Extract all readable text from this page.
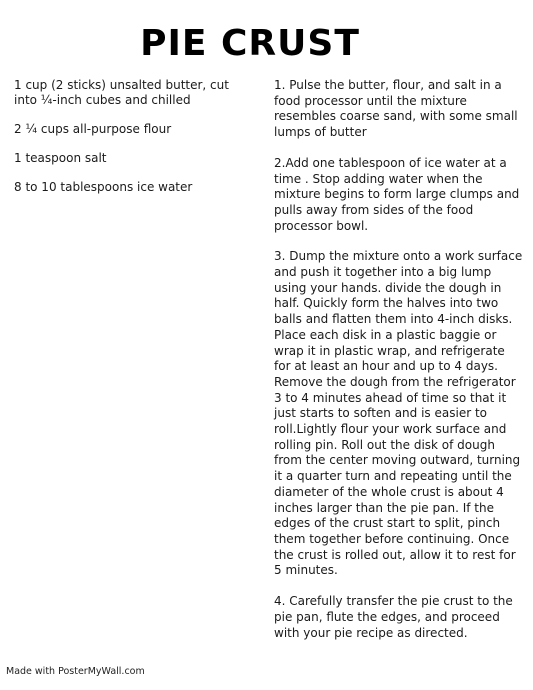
PIE CRUST
1 cup (2 sticks) unsalted butter, cut into ¼-inch cubes and chilled
2 ¼ cups all-purpose flour
1 teaspoon salt
8 to 10 tablespoons ice water
1. Pulse the butter, flour, and salt in a food processor until the mixture resembles coarse sand, with some small lumps of butter
2.Add one tablespoon of ice water at a time . Stop adding water when the mixture begins to form large clumps and pulls away from sides of the food processor bowl.
3. Dump the mixture onto a work surface and push it together into a big lump using your hands. divide the dough in half. Quickly form the halves into two balls and flatten them into 4-inch disks. Place each disk in a plastic baggie or wrap it in plastic wrap, and refrigerate for at least an hour and up to 4 days. Remove the dough from the refrigerator 3 to 4 minutes ahead of time so that it just starts to soften and is easier to roll.Lightly flour your work surface and rolling pin. Roll out the disk of dough from the center moving outward, turning it a quarter turn and repeating until the diameter of the whole crust is about 4 inches larger than the pie pan. If the edges of the crust start to split, pinch them together before continuing. Once the crust is rolled out, allow it to rest for 5 minutes.
4. Carefully transfer the pie crust to the pie pan, flute the edges, and proceed with your pie recipe as directed.
Made with PosterMyWall.com
